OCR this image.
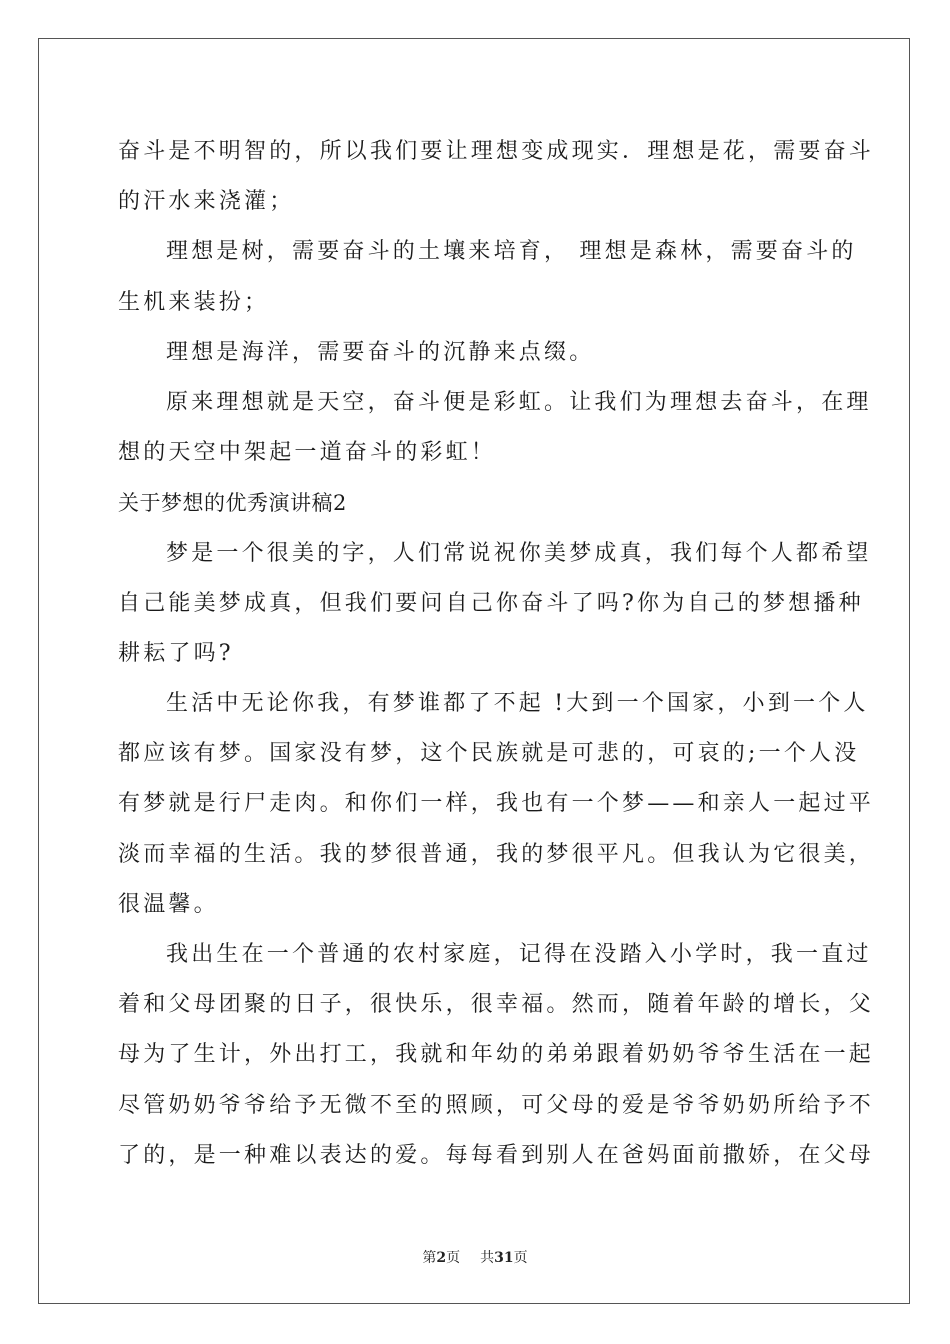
奋斗是不明智的，所以我们要让理想变成现实．理想是花，需要奋斗
的汗水来浇灌；
理想是树，需要奋斗的土壤来培育， 理想是森林，需要奋斗的
生机来装扮；
理想是海洋，需要奋斗的沉静来点缀。
原来理想就是天空，奋斗便是彩虹。让我们为理想去奋斗，在理
想的天空中架起一道奋斗的彩虹！
关于梦想的优秀演讲稿2
梦是一个很美的字，人们常说祝你美梦成真，我们每个人都希望
自己能美梦成真，但我们要问自己你奋斗了吗?你为自己的梦想播种
耕耘了吗?
生活中无论你我，有梦谁都了不起 !大到一个国家，小到一个人
都应该有梦。国家没有梦，这个民族就是可悲的，可哀的;一个人没
有梦就是行尸走肉。和你们一样，我也有一个梦——和亲人一起过平
淡而幸福的生活。我的梦很普通，我的梦很平凡。但我认为它很美，
很温馨。
我出生在一个普通的农村家庭，记得在没踏入小学时，我一直过
着和父母团聚的日子，很快乐，很幸福。然而，随着年龄的增长，父
母为了生计，外出打工，我就和年幼的弟弟跟着奶奶爷爷生活在一起
尽管奶奶爷爷给予无微不至的照顾，可父母的爱是爷爷奶奶所给予不
了的，是一种难以表达的爱。每每看到别人在爸妈面前撒娇，在父母
第2页 共31页
